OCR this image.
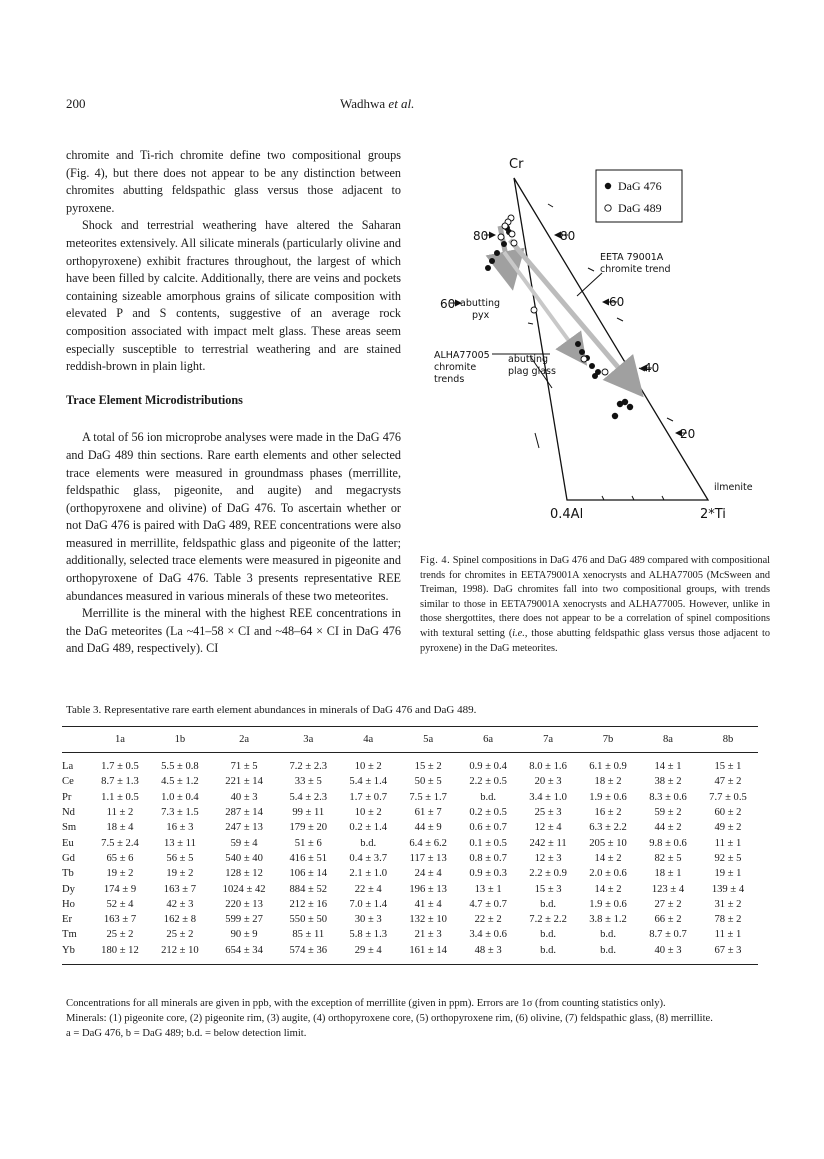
200	Wadhwa et al.

chromite and Ti-rich chromite define two compositional groups (Fig. 4), but there does not appear to be any distinction between chromites abutting feldspathic glass versus those adjacent to pyroxene.

Shock and terrestrial weathering have altered the Saharan meteorites extensively. All silicate minerals (particularly olivine and orthopyroxene) exhibit fractures throughout, the largest of which have been filled by calcite. Additionally, there are veins and pockets containing sizeable amorphous grains of silicate composition with elevated P and S contents, suggestive of an average rock composition associated with impact melt glass. These areas seem especially susceptible to terrestrial weathering and are stained reddish-brown in plain light.

Trace Element Microdistributions

A total of 56 ion microprobe analyses were made in the DaG 476 and DaG 489 thin sections. Rare earth elements and other selected trace elements were measured in groundmass phases (merrillite, feldspathic glass, pigeonite, and augite) and megacrysts (orthopyroxene and olivine) of DaG 476. To ascertain whether or not DaG 476 is paired with DaG 489, REE concentrations were also measured in merrillite, feldspathic glass and pigeonite of the latter; additionally, selected trace elements were measured in pigeonite and orthopyroxene of DaG 476. Table 3 presents representative REE abundances measured in various minerals of these two meteorites.

Merrillite is the mineral with the highest REE concentrations in the DaG meteorites (La ~41–58 × CI and ~48–64 × CI in DaG 476 and DaG 489, respectively). CI

Cr
0.4Al	2*Ti
80
60
80
60
40
20
DaG 476
DaG 489
EETA 79001A
chromite trend
abutting
pyx
ALHA77005
chromite
trends
abutting
plag glass
ilmenite
Fig. 4. Spinel compositions in DaG 476 and DaG 489 compared with compositional trends for chromites in EETA79001A xenocrysts and ALHA77005 (McSween and Treiman, 1998). DaG chromites fall into two compositional groups, with trends similar to those in EETA79001A xenocrysts and ALHA77005. However, unlike in those shergottites, there does not appear to be a correlation of spinel compositions with textural setting (i.e., those abutting feldspathic glass versus those adjacent to pyroxene) in the DaG meteorites.
Table 3. Representative rare earth element abundances in minerals of DaG 476 and DaG 489.
	1a	1b	2a	3a	4a	5a	6a	7a	7b	8a	8b
La	1.7 ± 0.5	5.5 ± 0.8	71 ± 5	7.2 ± 2.3	10 ± 2	15 ± 2	0.9 ± 0.4	8.0 ± 1.6	6.1 ± 0.9	14 ± 1	15 ± 1
Ce	8.7 ± 1.3	4.5 ± 1.2	221 ± 14	33 ± 5	5.4 ± 1.4	50 ± 5	2.2 ± 0.5	20 ± 3	18 ± 2	38 ± 2	47 ± 2
Pr	1.1 ± 0.5	1.0 ± 0.4	40 ± 3	5.4 ± 2.3	1.7 ± 0.7	7.5 ± 1.7	b.d.	3.4 ± 1.0	1.9 ± 0.6	8.3 ± 0.6	7.7 ± 0.5
Nd	11 ± 2	7.3 ± 1.5	287 ± 14	99 ± 11	10 ± 2	61 ± 7	0.2 ± 0.5	25 ± 3	16 ± 2	59 ± 2	60 ± 2
Sm	18 ± 4	16 ± 3	247 ± 13	179 ± 20	0.2 ± 1.4	44 ± 9	0.6 ± 0.7	12 ± 4	6.3 ± 2.2	44 ± 2	49 ± 2
Eu	7.5 ± 2.4	13 ± 11	59 ± 4	51 ± 6	b.d.	6.4 ± 6.2	0.1 ± 0.5	242 ± 11	205 ± 10	9.8 ± 0.6	11 ± 1
Gd	65 ± 6	56 ± 5	540 ± 40	416 ± 51	0.4 ± 3.7	117 ± 13	0.8 ± 0.7	12 ± 3	14 ± 2	82 ± 5	92 ± 5
Tb	19 ± 2	19 ± 2	128 ± 12	106 ± 14	2.1 ± 1.0	24 ± 4	0.9 ± 0.3	2.2 ± 0.9	2.0 ± 0.6	18 ± 1	19 ± 1
Dy	174 ± 9	163 ± 7	1024 ± 42	884 ± 52	22 ± 4	196 ± 13	13 ± 1	15 ± 3	14 ± 2	123 ± 4	139 ± 4
Ho	52 ± 4	42 ± 3	220 ± 13	212 ± 16	7.0 ± 1.4	41 ± 4	4.7 ± 0.7	b.d.	1.9 ± 0.6	27 ± 2	31 ± 2
Er	163 ± 7	162 ± 8	599 ± 27	550 ± 50	30 ± 3	132 ± 10	22 ± 2	7.2 ± 2.2	3.8 ± 1.2	66 ± 2	78 ± 2
Tm	25 ± 2	25 ± 2	90 ± 9	85 ± 11	5.8 ± 1.3	21 ± 3	3.4 ± 0.6	b.d.	b.d.	8.7 ± 0.7	11 ± 1
Yb	180 ± 12	212 ± 10	654 ± 34	574 ± 36	29 ± 4	161 ± 14	48 ± 3	b.d.	b.d.	40 ± 3	67 ± 3

Concentrations for all minerals are given in ppb, with the exception of merrillite (given in ppm). Errors are 1σ (from counting statistics only).

Minerals: (1) pigeonite core, (2) pigeonite rim, (3) augite, (4) orthopyroxene core, (5) orthopyroxene rim, (6) olivine, (7) feldspathic glass, (8) merrillite.

a = DaG 476, b = DaG 489; b.d. = below detection limit.
